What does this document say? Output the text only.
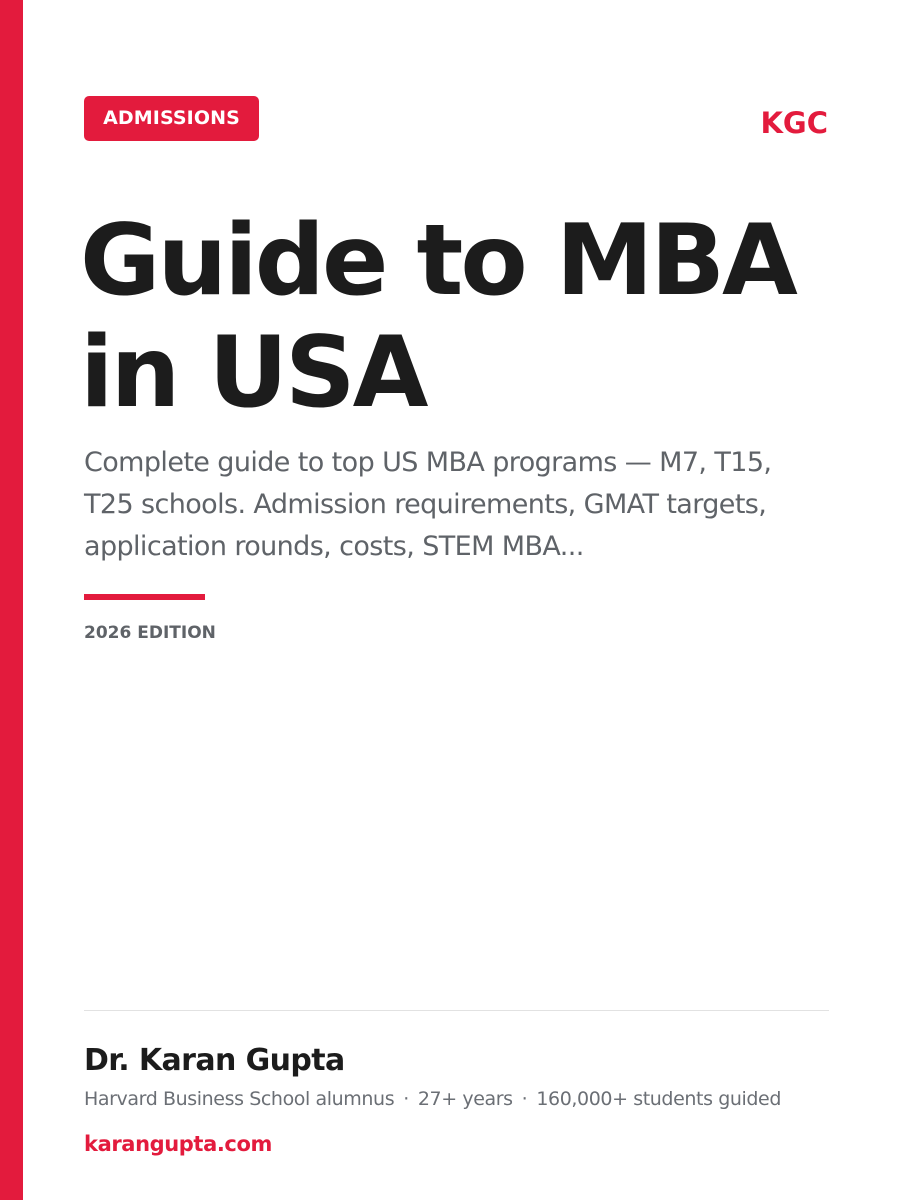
ADMISSIONS	KGC
Guide to MBA
in USA

Complete guide to top US MBA programs — M7, T15,
T25 schools. Admission requirements, GMAT targets,
application rounds, costs, STEM MBA...

2026 EDITION
Dr. Karan Gupta
Harvard Business School alumnus · 27+ years · 160,000+ students guided
karangupta.com
